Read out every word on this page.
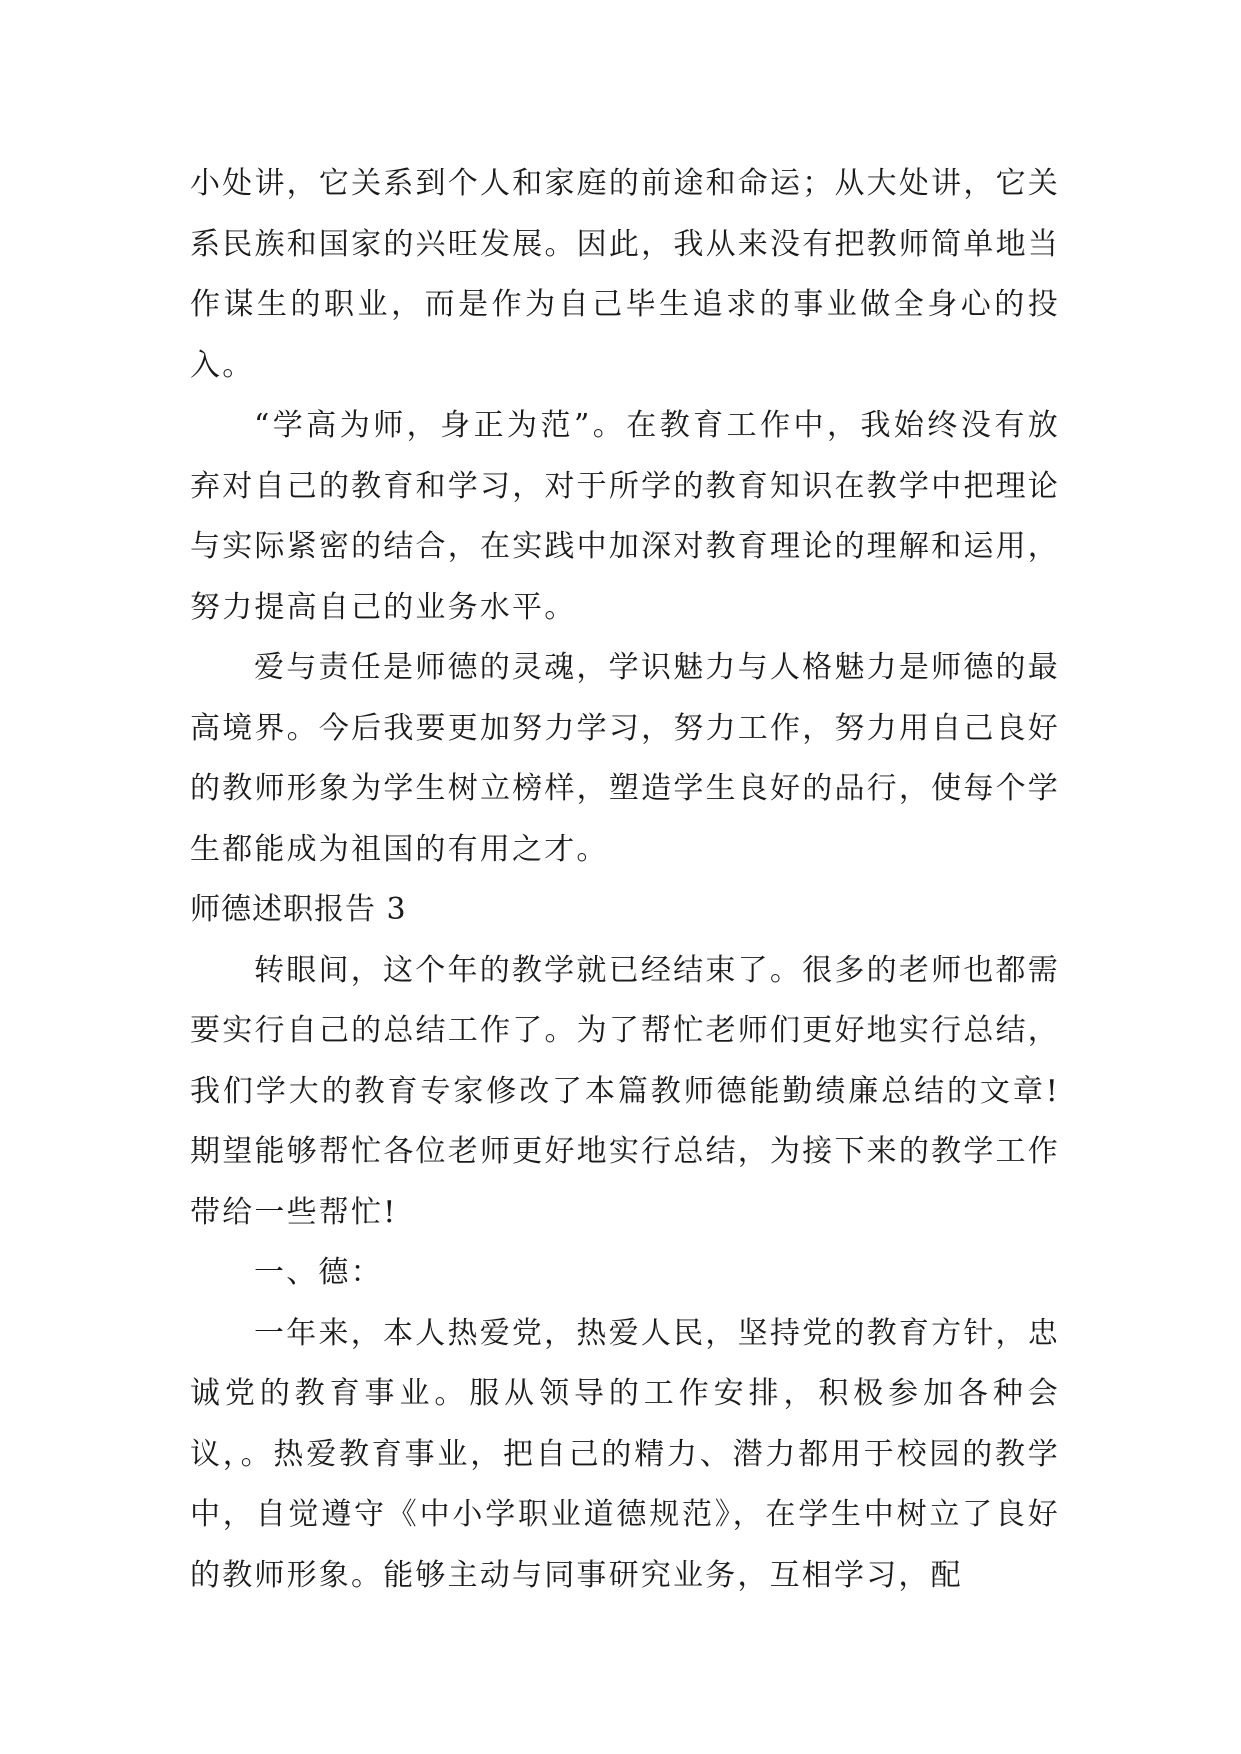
小处讲，它关系到个人和家庭的前途和命运；从大处讲，它关系民族和国家的兴旺发展。因此，我从来没有把教师简单地当作谋生的职业，而是作为自己毕生追求的事业做全身心的投入。

“学高为师，身正为范”。在教育工作中，我始终没有放弃对自己的教育和学习，对于所学的教育知识在教学中把理论与实际紧密的结合，在实践中加深对教育理论的理解和运用，努力提高自己的业务水平。

爱与责任是师德的灵魂，学识魅力与人格魅力是师德的最高境界。今后我要更加努力学习，努力工作，努力用自己良好的教师形象为学生树立榜样，塑造学生良好的品行，使每个学生都能成为祖国的有用之才。

师德述职报告 3

转眼间，这个年的教学就已经结束了。很多的老师也都需要实行自己的总结工作了。为了帮忙老师们更好地实行总结，我们学大的教育专家修改了本篇教师德能勤绩廉总结的文章!期望能够帮忙各位老师更好地实行总结，为接下来的教学工作带给一些帮忙!

一、德：

一年来，本人热爱党，热爱人民，坚持党的教育方针，忠诚党的教育事业。服从领导的工作安排，积极参加各种会议，。热爱教育事业，把自己的精力、潜力都用于校园的教学中，自觉遵守《中小学职业道德规范》，在学生中树立了良好的教师形象。能够主动与同事研究业务，互相学习，配
